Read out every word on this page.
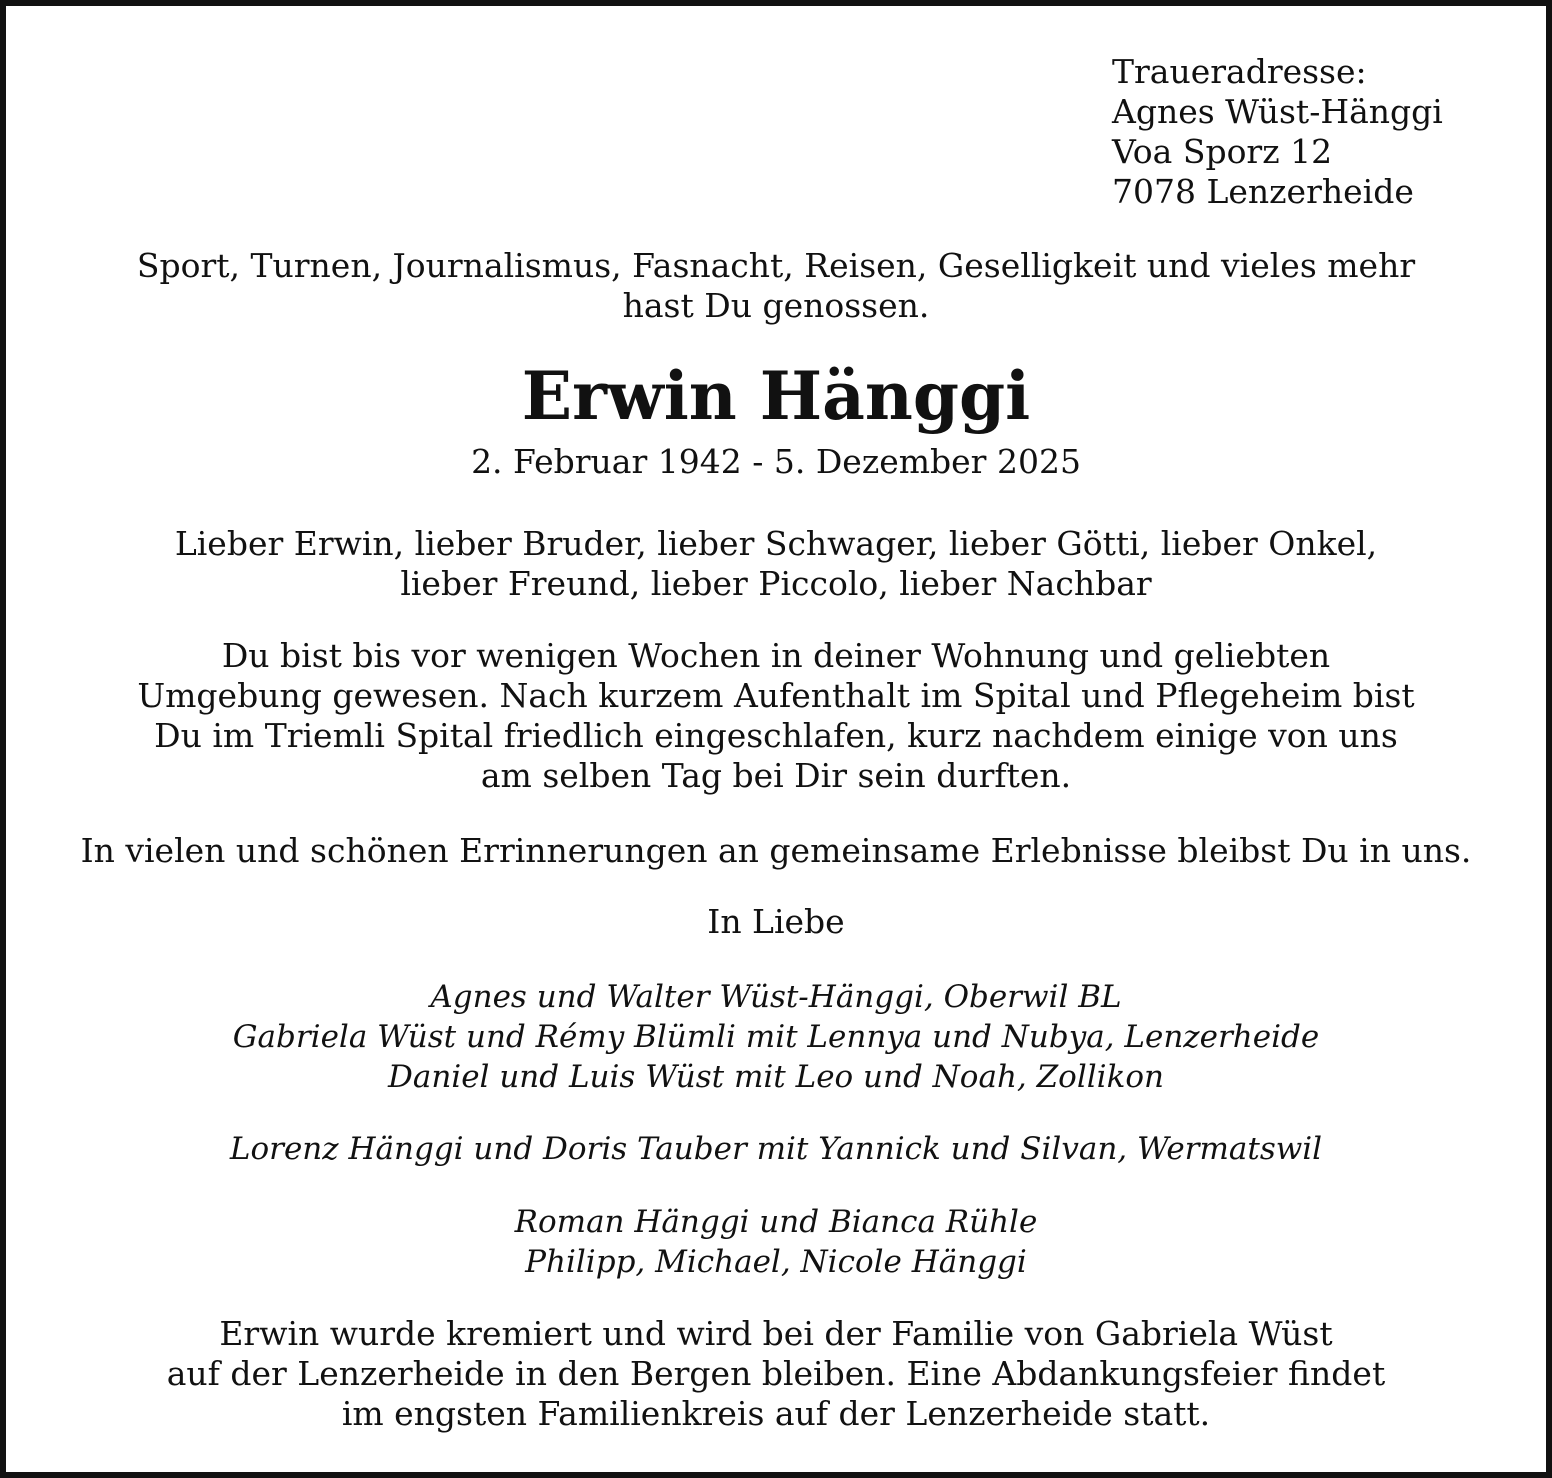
Traueradresse:
Agnes Wüst-Hänggi
Voa Sporz 12
7078 Lenzerheide
Sport, Turnen, Journalismus, Fasnacht, Reisen, Geselligkeit und vieles mehr
hast Du genossen.
Erwin Hänggi
2. Februar 1942 - 5. Dezember 2025
Lieber Erwin, lieber Bruder, lieber Schwager, lieber Götti, lieber Onkel,
lieber Freund, lieber Piccolo, lieber Nachbar
Du bist bis vor wenigen Wochen in deiner Wohnung und geliebten
Umgebung gewesen. Nach kurzem Aufenthalt im Spital und Pflegeheim bist
Du im Triemli Spital friedlich eingeschlafen, kurz nachdem einige von uns
am selben Tag bei Dir sein durften.
In vielen und schönen Errinnerungen an gemeinsame Erlebnisse bleibst Du in uns.
In Liebe
Agnes und Walter Wüst-Hänggi, Oberwil BL
Gabriela Wüst und Rémy Blümli mit Lennya und Nubya, Lenzerheide
Daniel und Luis Wüst mit Leo und Noah, Zollikon
Lorenz Hänggi und Doris Tauber mit Yannick und Silvan, Wermatswil
Roman Hänggi und Bianca Rühle
Philipp, Michael, Nicole Hänggi
Erwin wurde kremiert und wird bei der Familie von Gabriela Wüst
auf der Lenzerheide in den Bergen bleiben. Eine Abdankungsfeier findet
im engsten Familienkreis auf der Lenzerheide statt.
